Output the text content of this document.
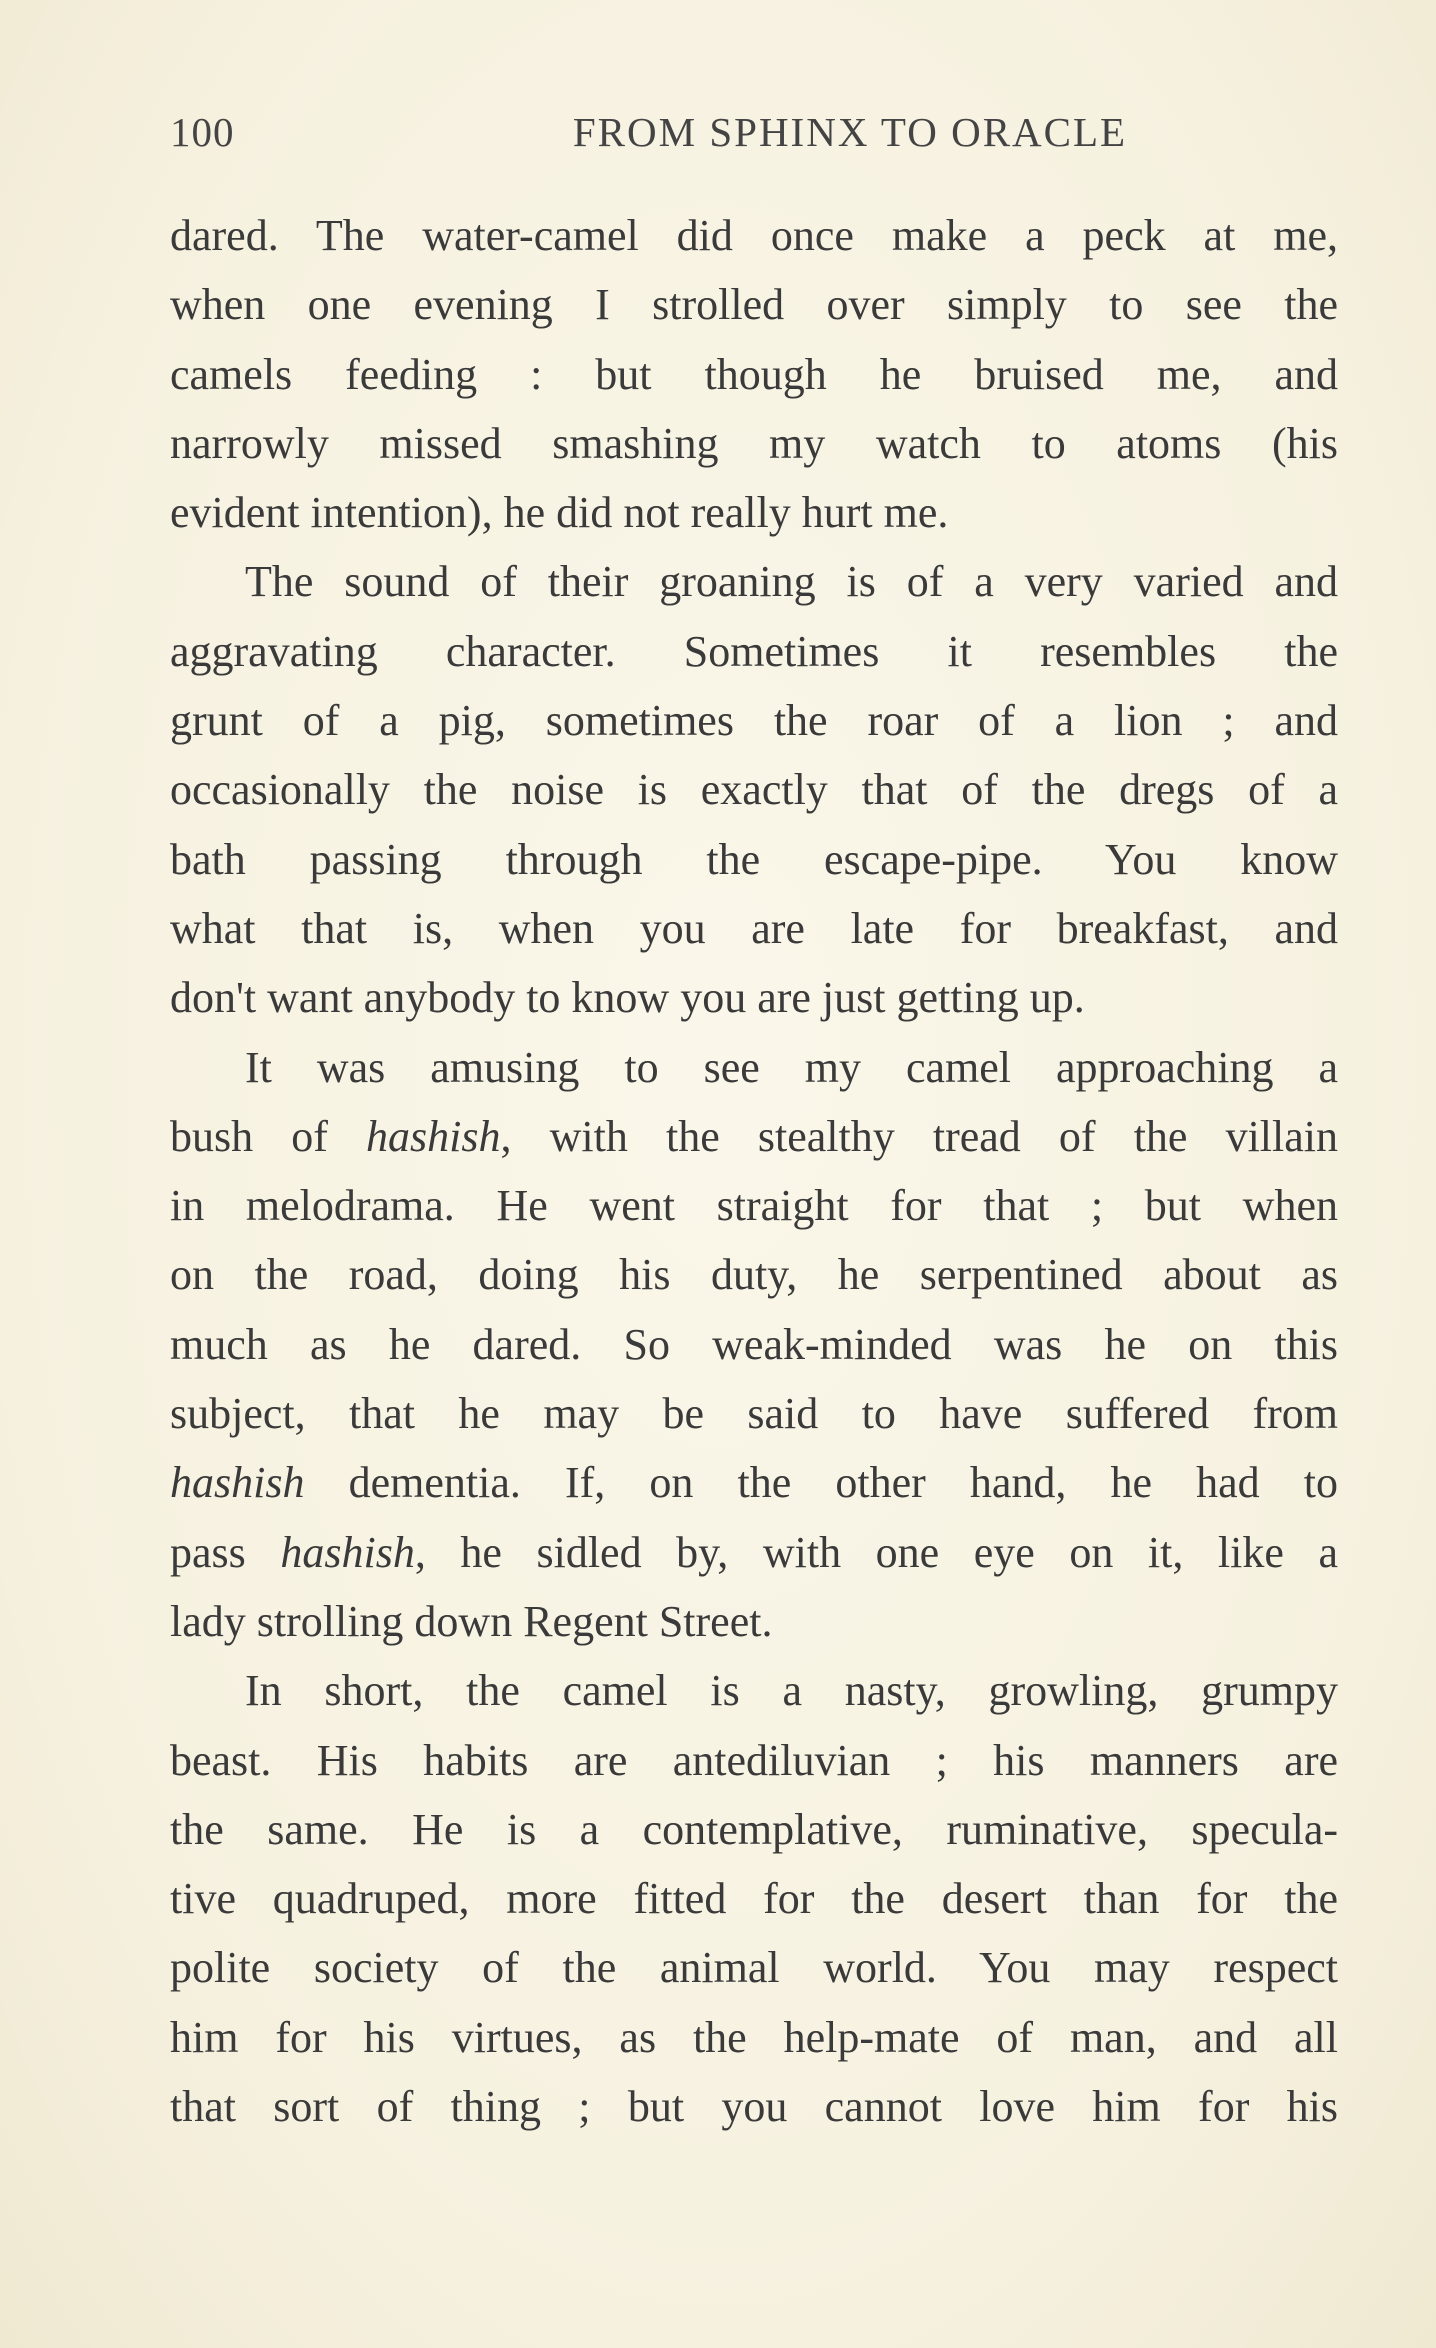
100	FROM SPHINX TO ORACLE
dared. The water-camel did once make a peck at me,
when one evening I strolled over simply to see the
camels feeding : but though he bruised me, and
narrowly missed smashing my watch to atoms (his
evident intention), he did not really hurt me.
The sound of their groaning is of a very varied and
aggravating character. Sometimes it resembles the
grunt of a pig, sometimes the roar of a lion ; and
occasionally the noise is exactly that of the dregs of a
bath passing through the escape-pipe. You know
what that is, when you are late for breakfast, and
don't want anybody to know you are just getting up.
It was amusing to see my camel approaching a
bush of hashish, with the stealthy tread of the villain
in melodrama. He went straight for that ; but when
on the road, doing his duty, he serpentined about as
much as he dared. So weak-minded was he on this
subject, that he may be said to have suffered from
hashish dementia. If, on the other hand, he had to
pass hashish, he sidled by, with one eye on it, like a
lady strolling down Regent Street.
In short, the camel is a nasty, growling, grumpy
beast. His habits are antediluvian ; his manners are
the same. He is a contemplative, ruminative, specula-
tive quadruped, more fitted for the desert than for the
polite society of the animal world. You may respect
him for his virtues, as the help-mate of man, and all
that sort of thing ; but you cannot love him for his
